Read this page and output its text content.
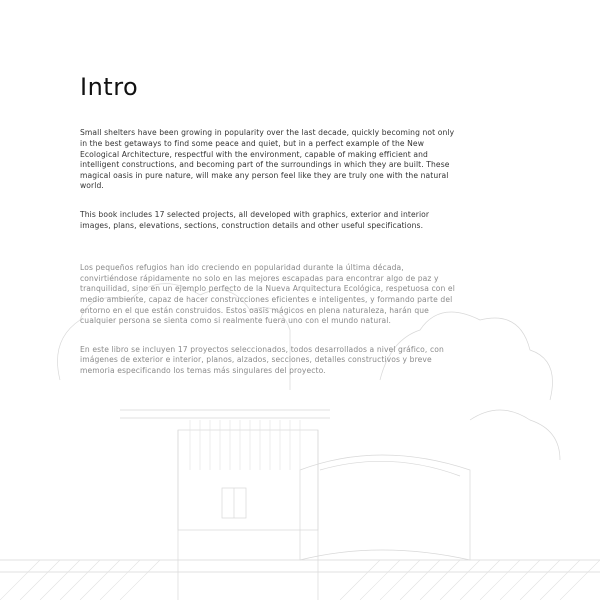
Intro

Small shelters have been growing in popularity over the last decade, quickly becoming not only in the best getaways to find some peace and quiet, but in a perfect example of the New Ecological Architecture, respectful with the environment, capable of making efficient and intelligent constructions, and becoming part of the surroundings in which they are built. These magical oasis in pure nature, will make any person feel like they are truly one with the natural world.

This book includes 17 selected projects, all developed with graphics, exterior and interior images, plans, elevations, sections, construction details and other useful specifications.

Los pequeños refugios han ido creciendo en popularidad durante la última década, convirtiéndose rápidamente no solo en las mejores escapadas para encontrar algo de paz y tranquilidad, sino en un ejemplo perfecto de la Nueva Arquitectura Ecológica, respetuosa con el medio ambiente, capaz de hacer construcciones eficientes e inteligentes, y formando parte del entorno en el que están construidos. Estos oasis mágicos en plena naturaleza, harán que cualquier persona se sienta como si realmente fuera uno con el mundo natural.

En este libro se incluyen 17 proyectos seleccionados, todos desarrollados a nivel gráfico, con imágenes de exterior e interior, planos, alzados, secciones, detalles constructivos y breve memoria especificando los temas más singulares del proyecto.
